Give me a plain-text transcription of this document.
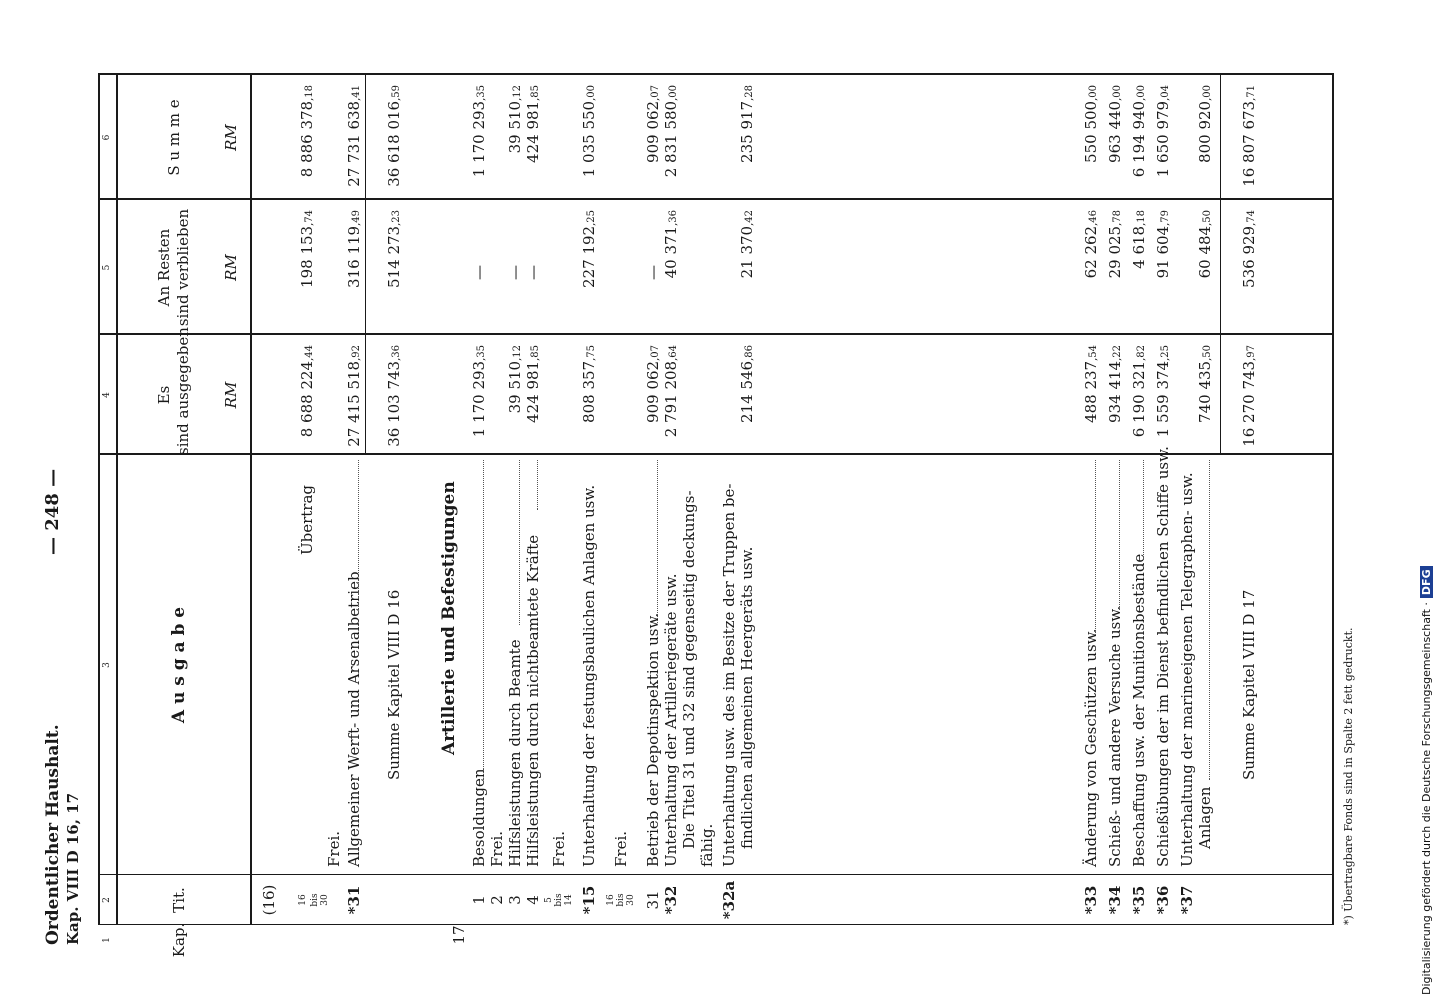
Ordentlicher Haushalt. Kap. VIII D 16, 17
— 248 —
1
2
3
4
5
6
Kap.
Tit.
A u s g a b e
Es sind ausgegeben RM
An Resten sind verblieben RM
S u m m e	RM
(16) 16 bis 30
Übertrag
8 688 224,44
198 153,74
8 886 378,18
Frei.
*31
Allgemeiner Werft- und Arsenalbetrieb
27 415 518,92
316 119,49
27 731 638,41
Summe Kapitel VIII D 16
36 103 743,36
514 273,23
36 618 016,59
17
Artillerie und Befestigungen
1
Besoldungen
1 170 293,35
—
1 170 293,35
2
Frei.
3
Hilfsleistungen durch Beamte
39 510,12
—
39 510,12
4
Hilfsleistungen durch nichtbeamtete Kräfte
424 981,85
—
424 981,85
5 bis 14
Frei.
*15
Unterhaltung der festungsbaulichen Anlagen usw.
808 357,75
227 192,25
1 035 550,00
16 bis 30
Frei.
31
Betrieb der Depotinspektion usw.
909 062,07
—
909 062,07
*32
Unterhaltung der Artilleriegeräte usw. Die Titel 31 und 32 sind gegenseitig deckungs- fähig.
2 791 208,64
40 371,36
2 831 580,00
*32a
Unterhaltung usw. des im Besitze der Truppen be- findlichen allgemeinen Heergeräts usw.
214 546,86
21 370,42
235 917,28
*33
Änderung von Geschützen usw.
488 237,54
62 262,46
550 500,00
*34
Schieß- und andere Versuche usw.
934 414,22
29 025,78
963 440,00
*35
Beschaffung usw. der Munitionsbestände
6 190 321,82
4 618,18
6 194 940,00
*36
Schießübungen der im Dienst befindlichen Schiffe usw.
1 559 374,25
91 604,79
1 650 979,04
*37
Unterhaltung der marineeigenen Telegraphen- usw. Anlagen
740 435,50
60 484,50
800 920,00
Summe Kapitel VIII D 17
16 270 743,97
536 929,74
16 807 673,71
*) Übertragbare Fonds sind in Spalte 2 fett gedruckt.	Digitalisierung gefördert durch die Deutsche Forschungsgemeinschaft ·DFG
